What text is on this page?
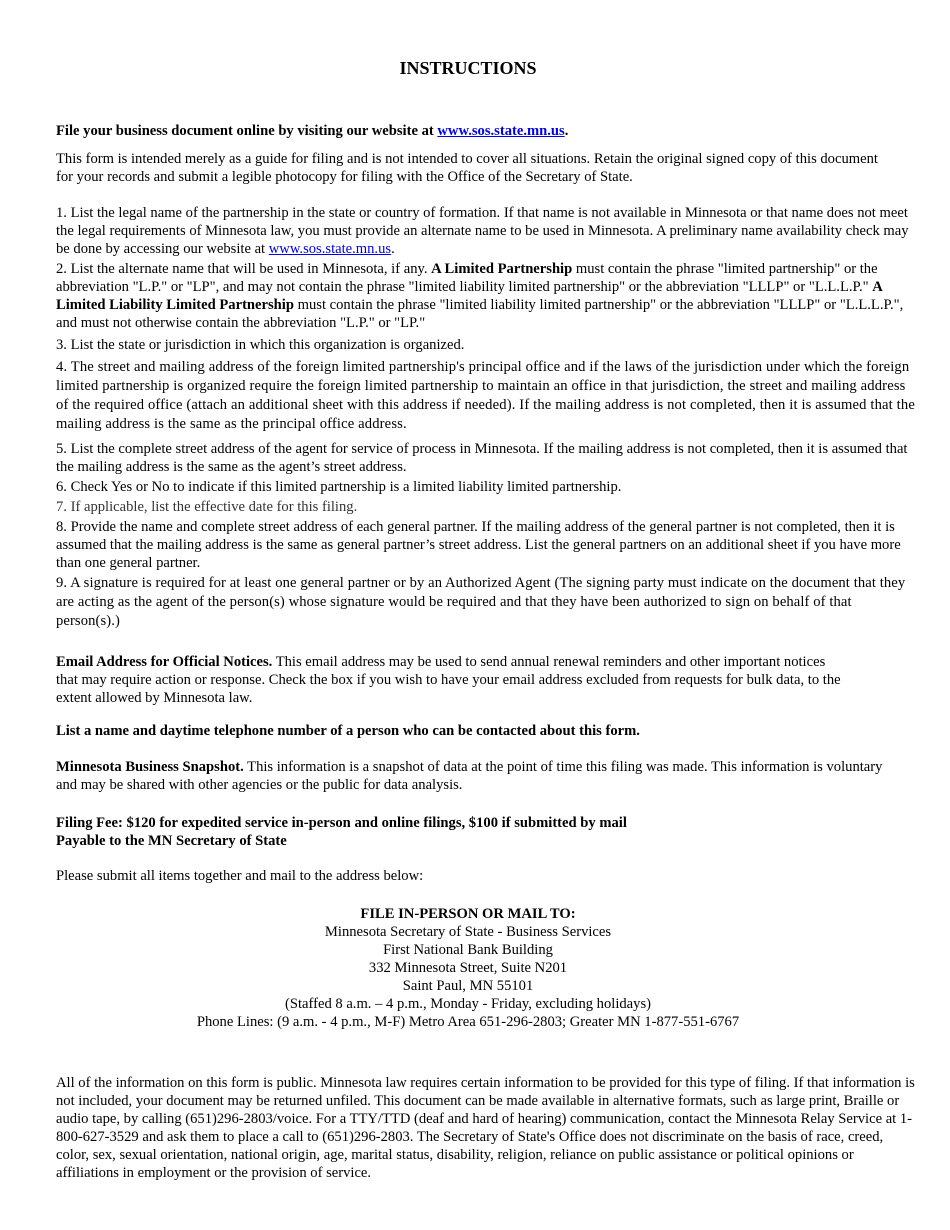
INSTRUCTIONS

File your business document online by visiting our website at www.sos.state.mn.us.

This form is intended merely as a guide for filing and is not intended to cover all situations. Retain the original signed copy of this document for your records and submit a legible photocopy for filing with the Office of the Secretary of State.

1. List the legal name of the partnership in the state or country of formation. If that name is not available in Minnesota or that name does not meet the legal requirements of Minnesota law, you must provide an alternate name to be used in Minnesota. A preliminary name availability check may be done by accessing our website at www.sos.state.mn.us.

2. List the alternate name that will be used in Minnesota, if any. A Limited Partnership must contain the phrase "limited partnership" or the abbreviation "L.P." or "LP", and may not contain the phrase "limited liability limited partnership" or the abbreviation "LLLP" or "L.L.L.P." A Limited Liability Limited Partnership must contain the phrase "limited liability limited partnership" or the abbreviation "LLLP" or "L.L.L.P.", and must not otherwise contain the abbreviation "L.P." or "LP."

3. List the state or jurisdiction in which this organization is organized.

4. The street and mailing address of the foreign limited partnership's principal office and if the laws of the jurisdiction under which the foreign limited partnership is organized require the foreign limited partnership to maintain an office in that jurisdiction, the street and mailing address of the required office (attach an additional sheet with this address if needed). If the mailing address is not completed, then it is assumed that the mailing address is the same as the principal office address.

5. List the complete street address of the agent for service of process in Minnesota. If the mailing address is not completed, then it is assumed that the mailing address is the same as the agent’s street address.

6. Check Yes or No to indicate if this limited partnership is a limited liability limited partnership.

7. If applicable, list the effective date for this filing.

8. Provide the name and complete street address of each general partner. If the mailing address of the general partner is not completed, then it is assumed that the mailing address is the same as general partner’s street address. List the general partners on an additional sheet if you have more than one general partner.

9. A signature is required for at least one general partner or by an Authorized Agent (The signing party must indicate on the document that they are acting as the agent of the person(s) whose signature would be required and that they have been authorized to sign on behalf of that person(s).)

Email Address for Official Notices. This email address may be used to send annual renewal reminders and other important notices that may require action or response. Check the box if you wish to have your email address excluded from requests for bulk data, to the extent allowed by Minnesota law.

List a name and daytime telephone number of a person who can be contacted about this form.

Minnesota Business Snapshot. This information is a snapshot of data at the point of time this filing was made. This information is voluntary and may be shared with other agencies or the public for data analysis.

Filing Fee: $120 for expedited service in-person and online filings, $100 if submitted by mail
Payable to the MN Secretary of State

Please submit all items together and mail to the address below:

FILE IN-PERSON OR MAIL TO:
Minnesota Secretary of State - Business Services
First National Bank Building
332 Minnesota Street, Suite N201
Saint Paul, MN 55101
(Staffed 8 a.m. – 4 p.m., Monday - Friday, excluding holidays)
Phone Lines: (9 a.m. - 4 p.m., M-F) Metro Area 651-296-2803; Greater MN 1-877-551-6767

All of the information on this form is public. Minnesota law requires certain information to be provided for this type of filing. If that information is not included, your document may be returned unfiled. This document can be made available in alternative formats, such as large print, Braille or audio tape, by calling (651)296-2803/voice. For a TTY/TTD (deaf and hard of hearing) communication, contact the Minnesota Relay Service at 1-800-627-3529 and ask them to place a call to (651)296-2803. The Secretary of State's Office does not discriminate on the basis of race, creed, color, sex, sexual orientation, national origin, age, marital status, disability, religion, reliance on public assistance or political opinions or affiliations in employment or the provision of service.
